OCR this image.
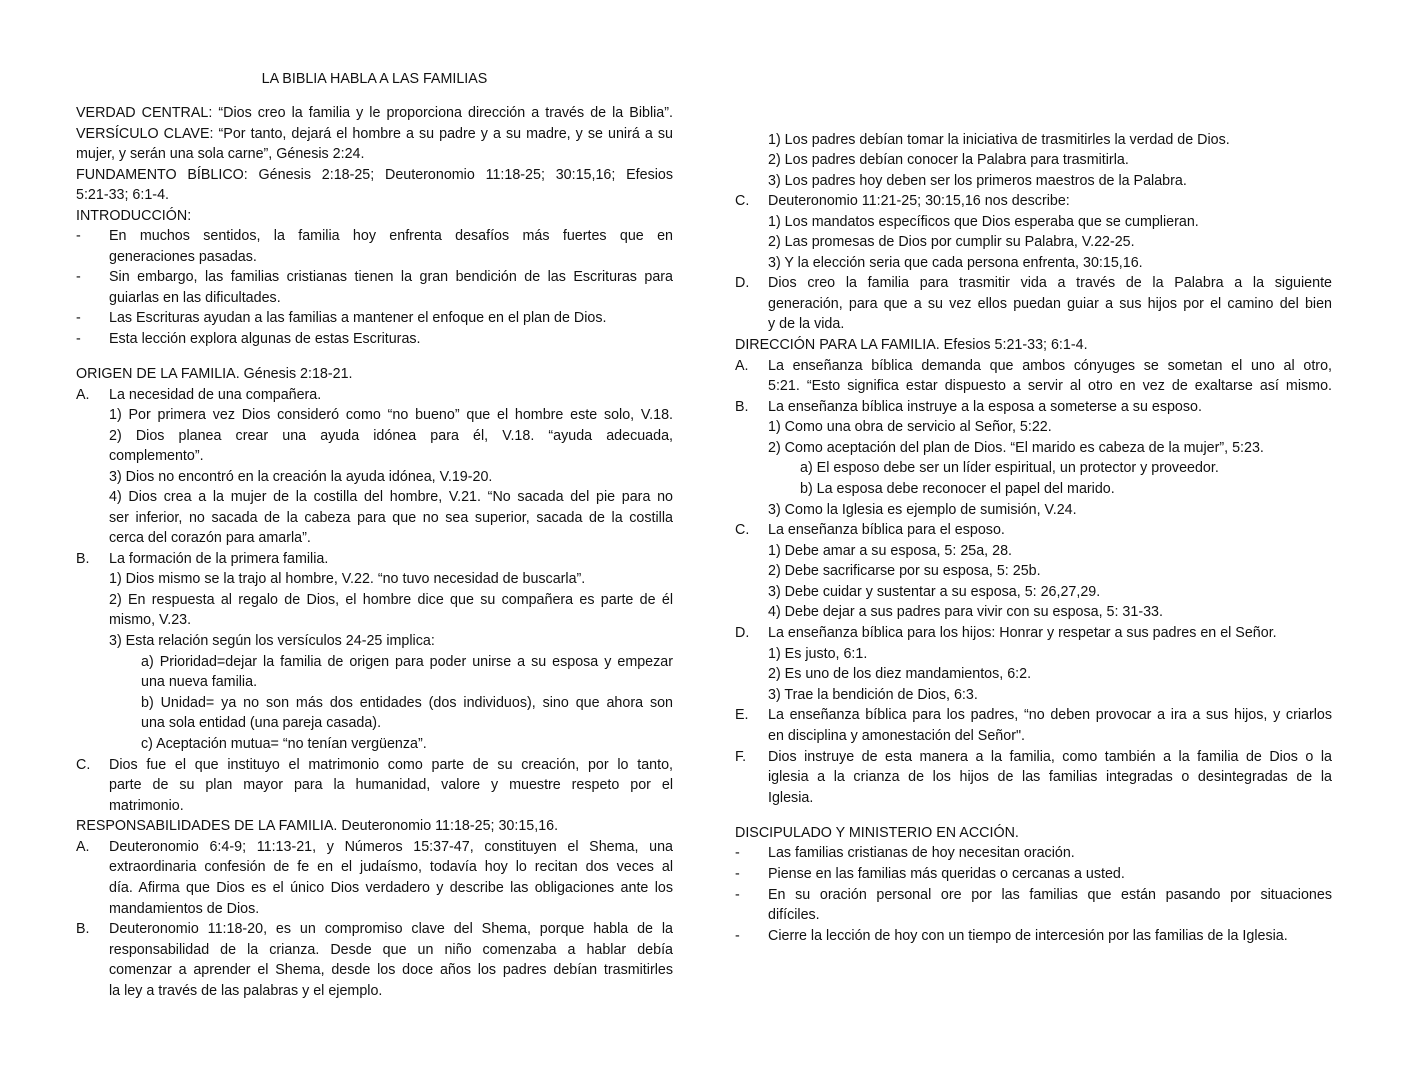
LA BIBLIA HABLA A LAS FAMILIAS
VERDAD CENTRAL: “Dios creo la familia y le proporciona dirección a través de la Biblia”.
VERSÍCULO CLAVE: “Por tanto, dejará el hombre a su padre y a su madre, y se unirá a su
mujer, y serán una sola carne”, Génesis 2:24.
FUNDAMENTO BÍBLICO: Génesis 2:18-25; Deuteronomio 11:18-25; 30:15,16; Efesios
5:21-33; 6:1-4.
INTRODUCCIÓN:
-	En muchos sentidos, la familia hoy enfrenta desafíos más fuertes que en
generaciones pasadas.
-	Sin embargo, las familias cristianas tienen la gran bendición de las Escrituras para
guiarlas en las dificultades.
-	Las Escrituras ayudan a las familias a mantener el enfoque en el plan de Dios.
-	Esta lección explora algunas de estas Escrituras.
ORIGEN DE LA FAMILIA. Génesis 2:18-21.
A.	La necesidad de una compañera.
1) Por primera vez Dios consideró como “no bueno” que el hombre este solo, V.18.
2) Dios planea crear una ayuda idónea para él, V.18. “ayuda adecuada,
complemento”.
3) Dios no encontró en la creación la ayuda idónea, V.19-20.
4) Dios crea a la mujer de la costilla del hombre, V.21. “No sacada del pie para no
ser inferior, no sacada de la cabeza para que no sea superior, sacada de la costilla
cerca del corazón para amarla”.
B.	La formación de la primera familia.
1) Dios mismo se la trajo al hombre, V.22. “no tuvo necesidad de buscarla”.
2) En respuesta al regalo de Dios, el hombre dice que su compañera es parte de él
mismo, V.23.
3) Esta relación según los versículos 24-25 implica:
a) Prioridad=dejar la familia de origen para poder unirse a su esposa y empezar
una nueva familia.
b) Unidad= ya no son más dos entidades (dos individuos), sino que ahora son
una sola entidad (una pareja casada).
c) Aceptación mutua= “no tenían vergüenza”.
C.	Dios fue el que instituyo el matrimonio como parte de su creación, por lo tanto,
parte de su plan mayor para la humanidad, valore y muestre respeto por el
matrimonio.
RESPONSABILIDADES DE LA FAMILIA. Deuteronomio 11:18-25; 30:15,16.
A.	Deuteronomio 6:4-9; 11:13-21, y Números 15:37-47, constituyen el Shema, una
extraordinaria confesión de fe en el judaísmo, todavía hoy lo recitan dos veces al
día. Afirma que Dios es el único Dios verdadero y describe las obligaciones ante los
mandamientos de Dios.
B.	Deuteronomio 11:18-20, es un compromiso clave del Shema, porque habla de la
responsabilidad de la crianza. Desde que un niño comenzaba a hablar debía
comenzar a aprender el Shema, desde los doce años los padres debían trasmitirles
la ley a través de las palabras y el ejemplo.
1) Los padres debían tomar la iniciativa de trasmitirles la verdad de Dios.
2) Los padres debían conocer la Palabra para trasmitirla.
3) Los padres hoy deben ser los primeros maestros de la Palabra.
C.	Deuteronomio 11:21-25; 30:15,16 nos describe:
1) Los mandatos específicos que Dios esperaba que se cumplieran.
2) Las promesas de Dios por cumplir su Palabra, V.22-25.
3) Y la elección seria que cada persona enfrenta, 30:15,16.
D.	Dios creo la familia para trasmitir vida a través de la Palabra a la siguiente
generación, para que a su vez ellos puedan guiar a sus hijos por el camino del bien
y de la vida.
DIRECCIÓN PARA LA FAMILIA. Efesios 5:21-33; 6:1-4.
A.	La enseñanza bíblica demanda que ambos cónyuges se sometan el uno al otro,
5:21. “Esto significa estar dispuesto a servir al otro en vez de exaltarse así mismo.
B.	La enseñanza bíblica instruye a la esposa a someterse a su esposo.
1) Como una obra de servicio al Señor, 5:22.
2) Como aceptación del plan de Dios. “El marido es cabeza de la mujer”, 5:23.
a) El esposo debe ser un líder espiritual, un protector y proveedor.
b) La esposa debe reconocer el papel del marido.
3) Como la Iglesia es ejemplo de sumisión, V.24.
C.	La enseñanza bíblica para el esposo.
1) Debe amar a su esposa, 5: 25a, 28.
2) Debe sacrificarse por su esposa, 5: 25b.
3) Debe cuidar y sustentar a su esposa, 5: 26,27,29.
4) Debe dejar a sus padres para vivir con su esposa, 5: 31-33.
D.	La enseñanza bíblica para los hijos: Honrar y respetar a sus padres en el Señor.
1) Es justo, 6:1.
2) Es uno de los diez mandamientos, 6:2.
3) Trae la bendición de Dios, 6:3.
E.	La enseñanza bíblica para los padres, “no deben provocar a ira a sus hijos, y criarlos
en disciplina y amonestación del Señor".
F.	Dios instruye de esta manera a la familia, como también a la familia de Dios o la
iglesia a la crianza de los hijos de las familias integradas o desintegradas de la
Iglesia.
DISCIPULADO Y MINISTERIO EN ACCIÓN.
-	Las familias cristianas de hoy necesitan oración.
-	Piense en las familias más queridas o cercanas a usted.
-	En su oración personal ore por las familias que están pasando por situaciones
difíciles.
-	Cierre la lección de hoy con un tiempo de intercesión por las familias de la Iglesia.
